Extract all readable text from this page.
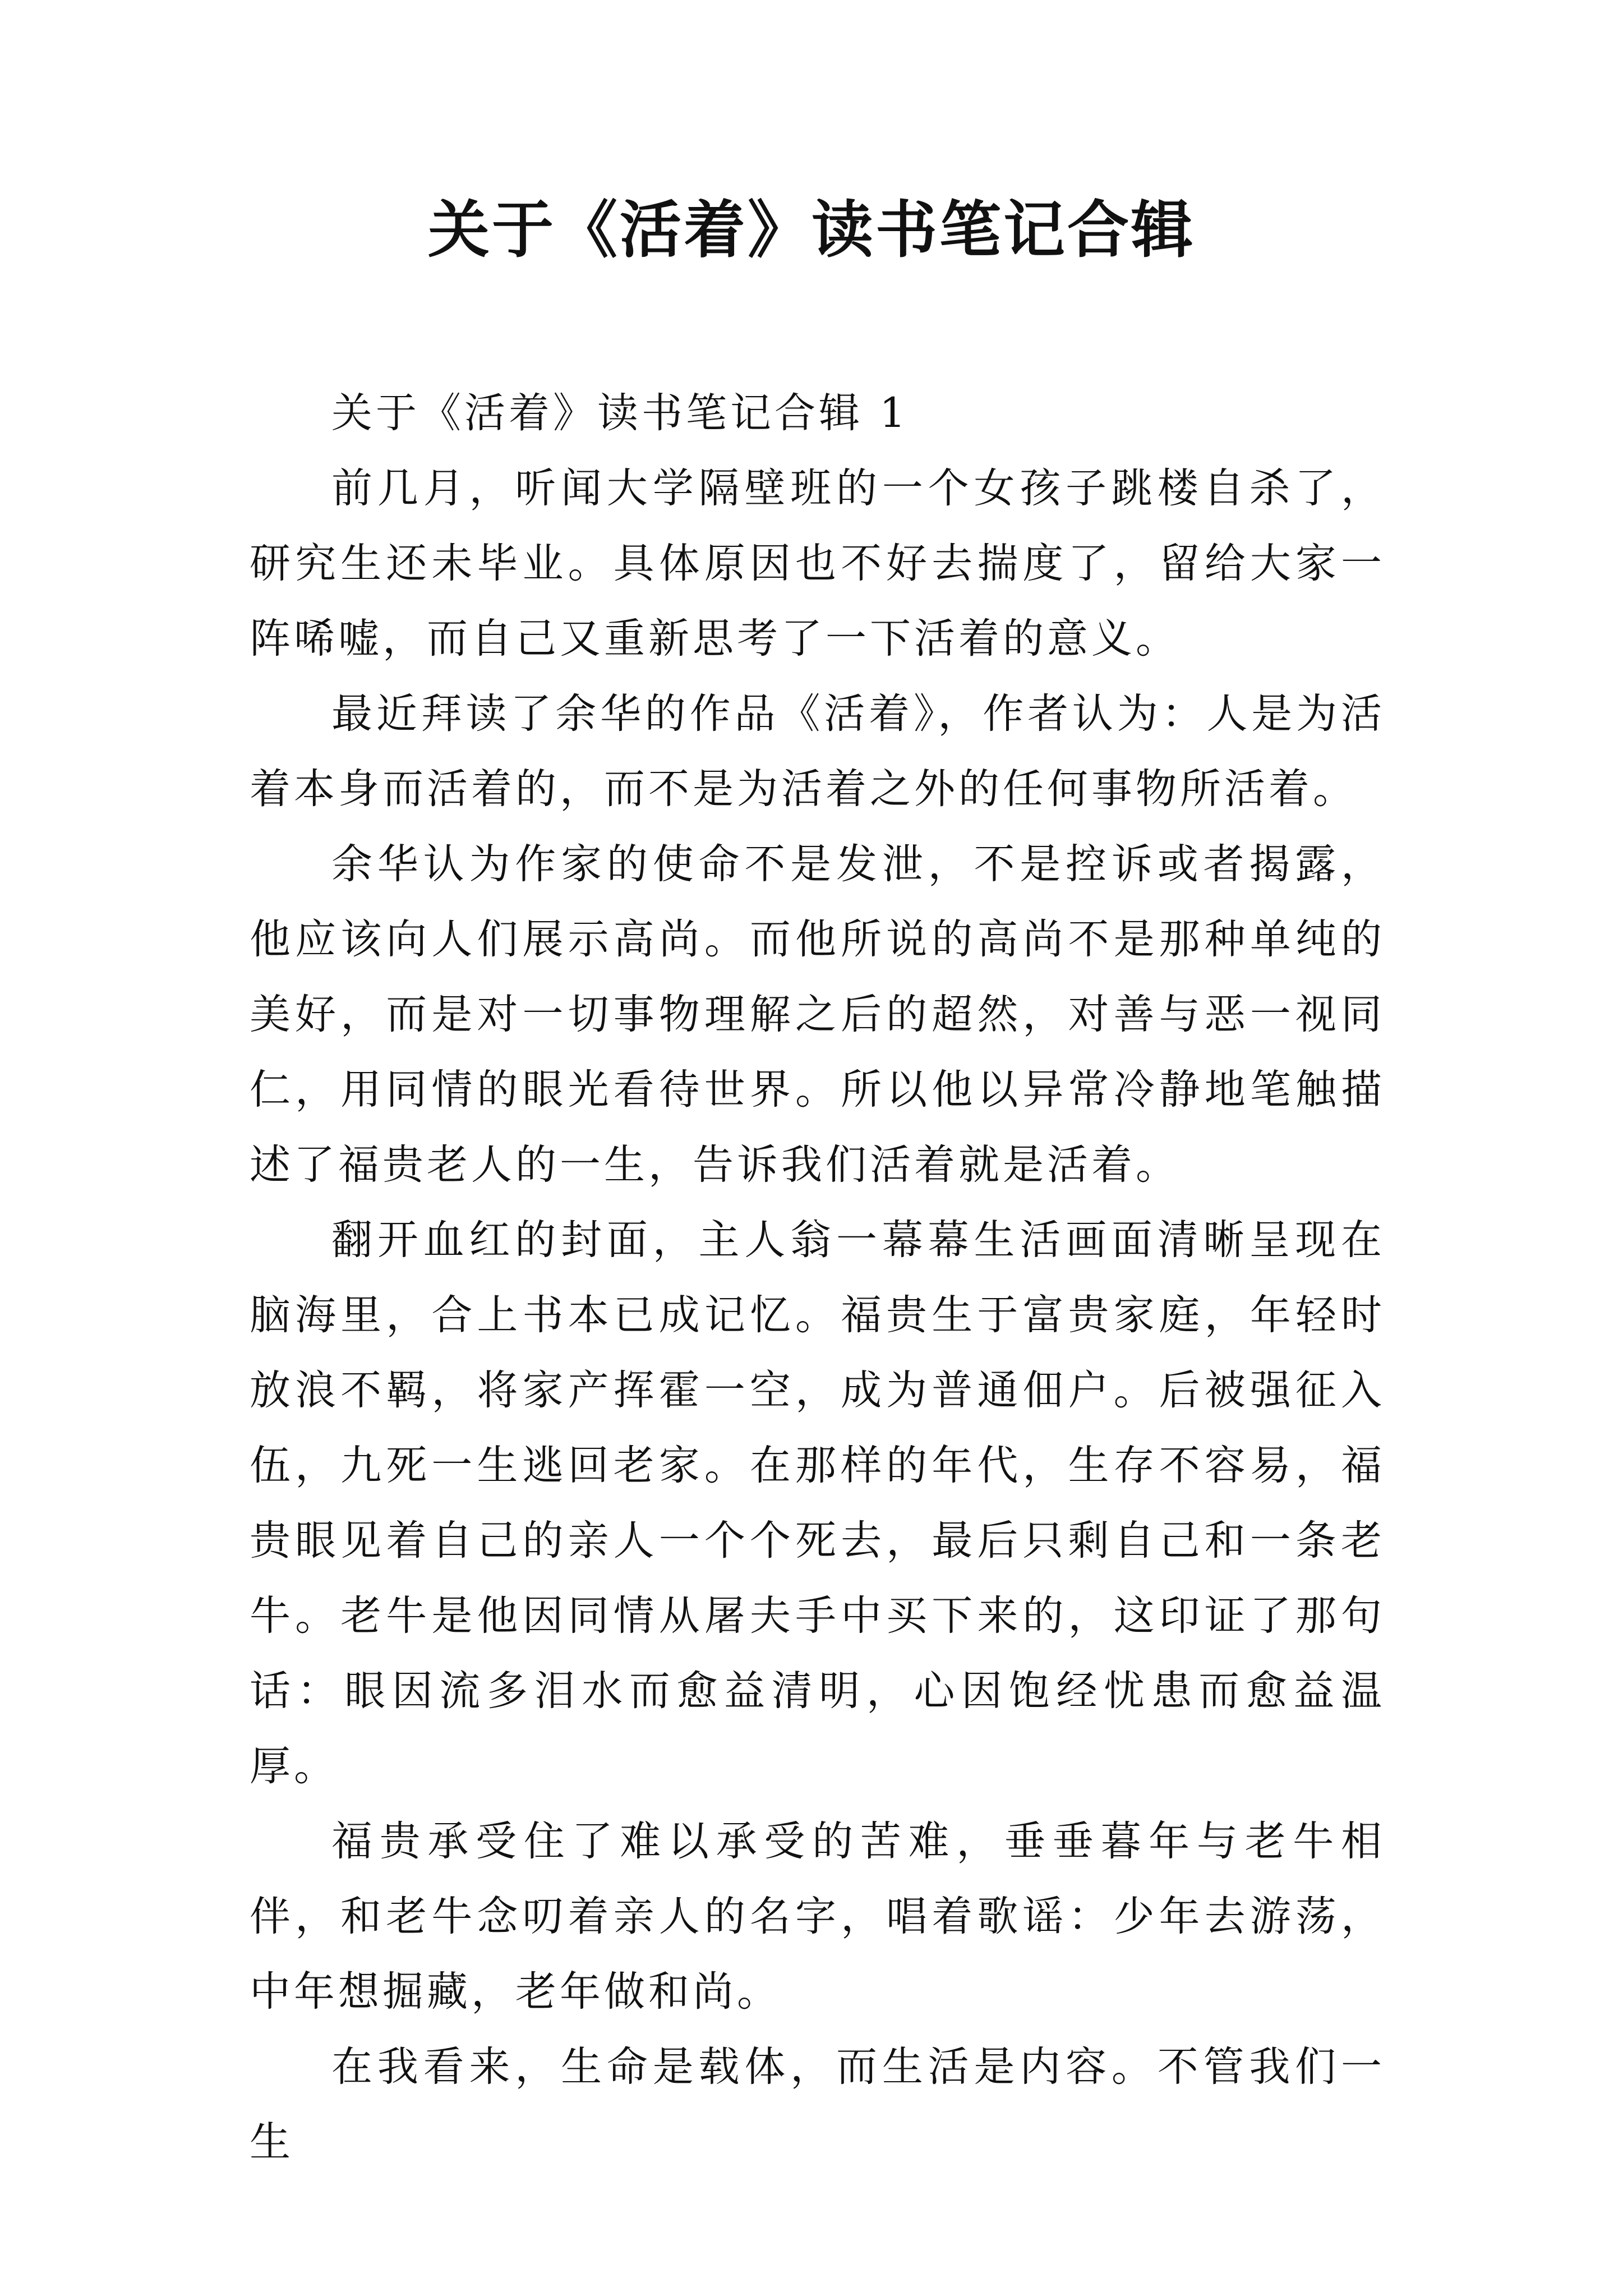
关于《活着》读书笔记合辑

关于《活着》读书笔记合辑 1

前几月，听闻大学隔壁班的一个女孩子跳楼自杀了，研究生还未毕业。具体原因也不好去揣度了，留给大家一阵唏嘘，而自己又重新思考了一下活着的意义。

最近拜读了余华的作品《活着》，作者认为：人是为活着本身而活着的，而不是为活着之外的任何事物所活着。

余华认为作家的使命不是发泄，不是控诉或者揭露，他应该向人们展示高尚。而他所说的高尚不是那种单纯的美好，而是对一切事物理解之后的超然，对善与恶一视同仁，用同情的眼光看待世界。所以他以异常冷静地笔触描述了福贵老人的一生，告诉我们活着就是活着。

翻开血红的封面，主人翁一幕幕生活画面清晰呈现在脑海里，合上书本已成记忆。福贵生于富贵家庭，年轻时放浪不羁，将家产挥霍一空，成为普通佃户。后被强征入伍，九死一生逃回老家。在那样的年代，生存不容易，福贵眼见着自己的亲人一个个死去，最后只剩自己和一条老牛。老牛是他因同情从屠夫手中买下来的，这印证了那句话：眼因流多泪水而愈益清明，心因饱经忧患而愈益温厚。

福贵承受住了难以承受的苦难，垂垂暮年与老牛相伴，和老牛念叨着亲人的名字，唱着歌谣：少年去游荡，中年想掘藏，老年做和尚。

在我看来，生命是载体，而生活是内容。不管我们一生
